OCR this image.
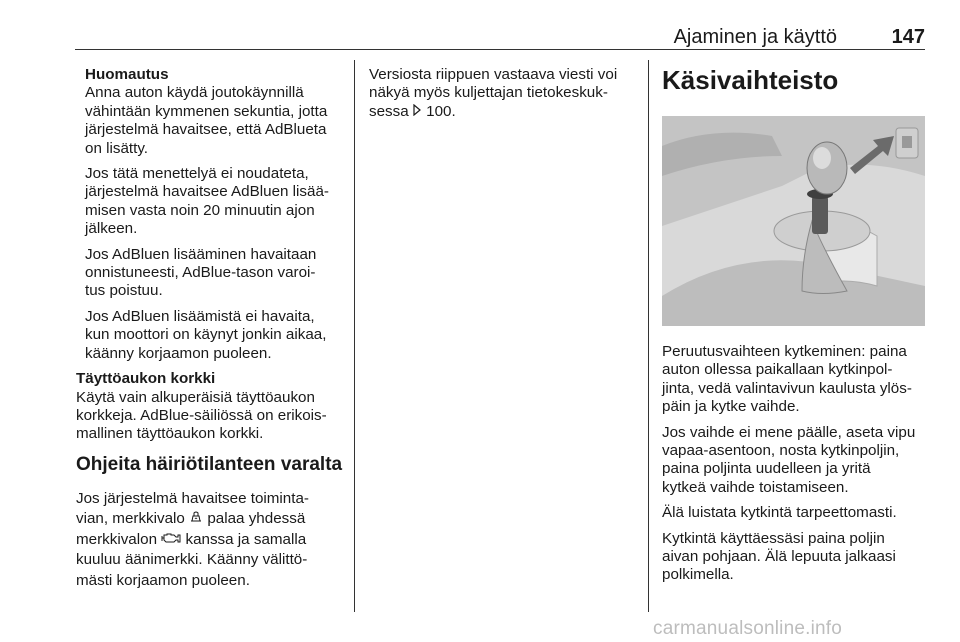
Ajaminen ja käyttö	147
Huomautus
Anna auton käydä joutokäynnillä
vähintään kymmenen sekuntia, jotta
järjestelmä havaitsee, että AdBlueta
on lisätty.
Jos tätä menettelyä ei noudateta,
järjestelmä havaitsee AdBluen lisää-
misen vasta noin 20 minuutin ajon
jälkeen.
Jos AdBluen lisääminen havaitaan
onnistuneesti, AdBlue-tason varoi-
tus poistuu.
Jos AdBluen lisäämistä ei havaita,
kun moottori on käynyt jonkin aikaa,
käänny korjaamon puoleen.
Täyttöaukon korkki
Käytä vain alkuperäisiä täyttöaukon
korkkeja. AdBlue-säiliössä on erikois-
mallinen täyttöaukon korkki.
Ohjeita häiriötilanteen varalta
Jos järjestelmä havaitsee toiminta-
vian, merkkivalo  palaa yhdessä
merkkivalon  kanssa ja samalla
kuuluu äänimerkki. Käänny välittö-
mästi korjaamon puoleen.
Versiosta riippuen vastaava viesti voi
näkyä myös kuljettajan tietokeskuk-
sessa  100.
Käsivaihteisto
Peruutusvaihteen kytkeminen: paina
auton ollessa paikallaan kytkinpol-
jinta, vedä valintavivun kaulusta ylös-
päin ja kytke vaihde.
Jos vaihde ei mene päälle, aseta vipu
vapaa-asentoon, nosta kytkinpoljin,
paina poljinta uudelleen ja yritä
kytkeä vaihde toistamiseen.
Älä luistata kytkintä tarpeettomasti.
Kytkintä käyttäessäsi paina poljin
aivan pohjaan. Älä lepuuta jalkaasi
polkimella.
carmanualsonline.info
